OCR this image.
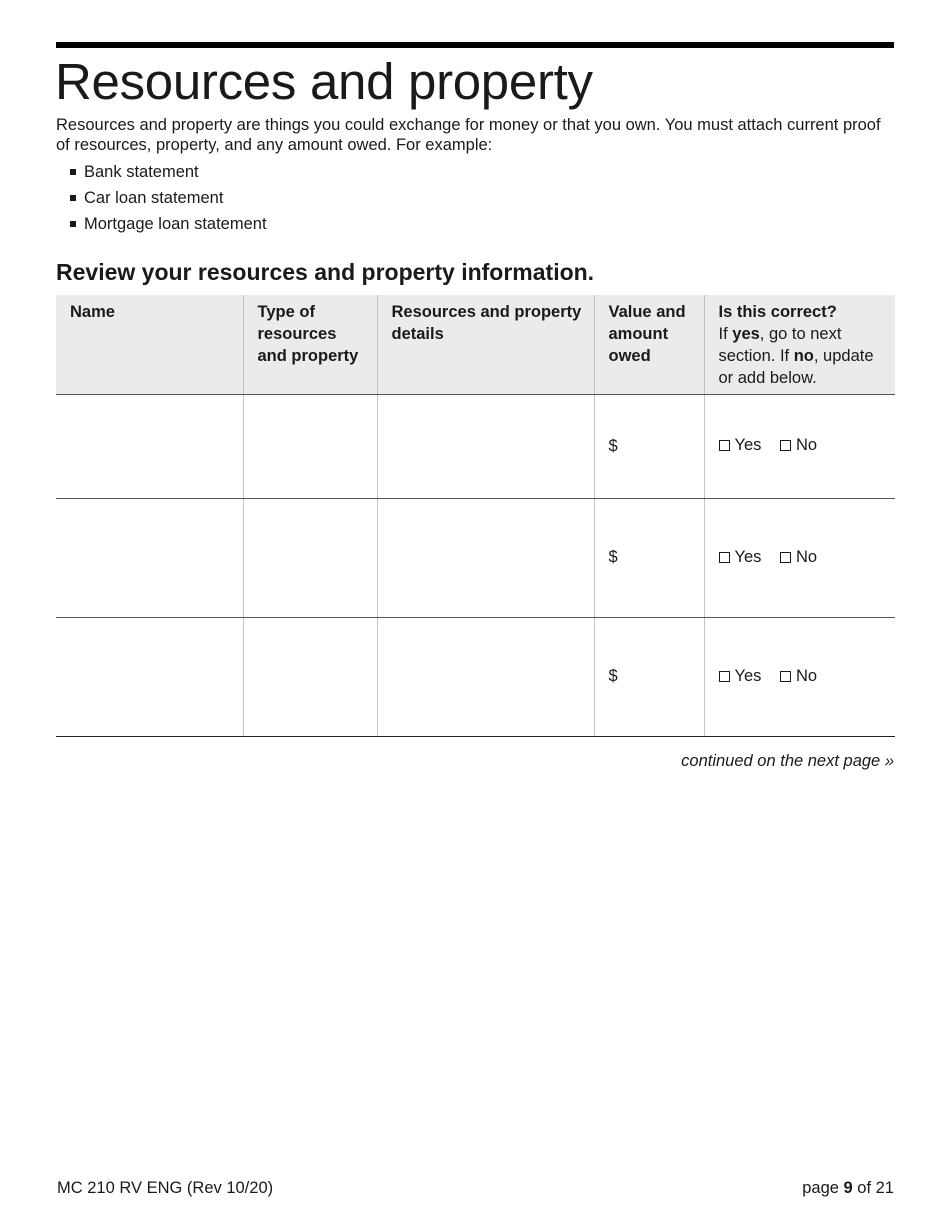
Resources and property

Resources and property are things you could exchange for money or that you own. You must attach current proof of resources, property, and any amount owed. For example:

Bank statement
Car loan statement
Mortgage loan statement
Review your resources and property information.
Name	Type of resources and property	Resources and property details	Value and amount owed	Is this correct?
If yes, go to next section. If no, update or add below.

			$	Yes
No

			$	Yes
No

			$	Yes
No
continued on the next page »
MC 210 RV ENG (Rev 10/20)	page 9 of 21
